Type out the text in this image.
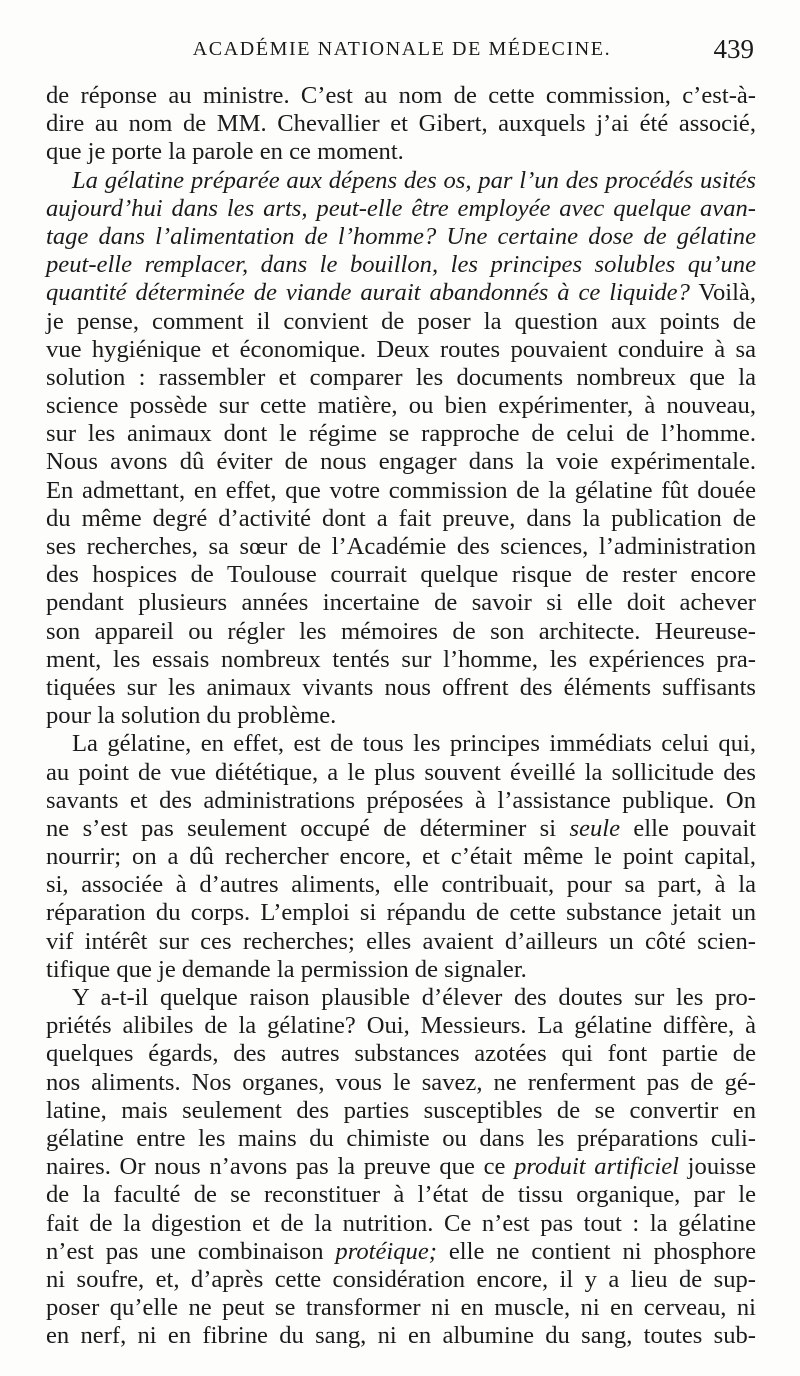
ACADÉMIE NATIONALE DE MÉDECINE.	439
de réponse au ministre. C’est au nom de cette commission, c’est-à-
dire au nom de MM. Chevallier et Gibert, auxquels j’ai été associé,
que je porte la parole en ce moment.
La gélatine préparée aux dépens des os, par l’un des procédés usités
aujourd’hui dans les arts, peut-elle être employée avec quelque avan-
tage dans l’alimentation de l’homme? Une certaine dose de gélatine
peut-elle remplacer, dans le bouillon, les principes solubles qu’une
quantité déterminée de viande aurait abandonnés à ce liquide? Voilà,
je pense, comment il convient de poser la question aux points de
vue hygiénique et économique. Deux routes pouvaient conduire à sa
solution : rassembler et comparer les documents nombreux que la
science possède sur cette matière, ou bien expérimenter, à nouveau,
sur les animaux dont le régime se rapproche de celui de l’homme.
Nous avons dû éviter de nous engager dans la voie expérimentale.
En admettant, en effet, que votre commission de la gélatine fût douée
du même degré d’activité dont a fait preuve, dans la publication de
ses recherches, sa sœur de l’Académie des sciences, l’administration
des hospices de Toulouse courrait quelque risque de rester encore
pendant plusieurs années incertaine de savoir si elle doit achever
son appareil ou régler les mémoires de son architecte. Heureuse-
ment, les essais nombreux tentés sur l’homme, les expériences pra-
tiquées sur les animaux vivants nous offrent des éléments suffisants
pour la solution du problème.
La gélatine, en effet, est de tous les principes immédiats celui qui,
au point de vue diététique, a le plus souvent éveillé la sollicitude des
savants et des administrations préposées à l’assistance publique. On
ne s’est pas seulement occupé de déterminer si seule elle pouvait
nourrir; on a dû rechercher encore, et c’était même le point capital,
si, associée à d’autres aliments, elle contribuait, pour sa part, à la
réparation du corps. L’emploi si répandu de cette substance jetait un
vif intérêt sur ces recherches; elles avaient d’ailleurs un côté scien-
tifique que je demande la permission de signaler.
Y a-t-il quelque raison plausible d’élever des doutes sur les pro-
priétés alibiles de la gélatine? Oui, Messieurs. La gélatine diffère, à
quelques égards, des autres substances azotées qui font partie de
nos aliments. Nos organes, vous le savez, ne renferment pas de gé-
latine, mais seulement des parties susceptibles de se convertir en
gélatine entre les mains du chimiste ou dans les préparations culi-
naires. Or nous n’avons pas la preuve que ce produit artificiel jouisse
de la faculté de se reconstituer à l’état de tissu organique, par le
fait de la digestion et de la nutrition. Ce n’est pas tout : la gélatine
n’est pas une combinaison protéique; elle ne contient ni phosphore
ni soufre, et, d’après cette considération encore, il y a lieu de sup-
poser qu’elle ne peut se transformer ni en muscle, ni en cerveau, ni
en nerf, ni en fibrine du sang, ni en albumine du sang, toutes sub-
